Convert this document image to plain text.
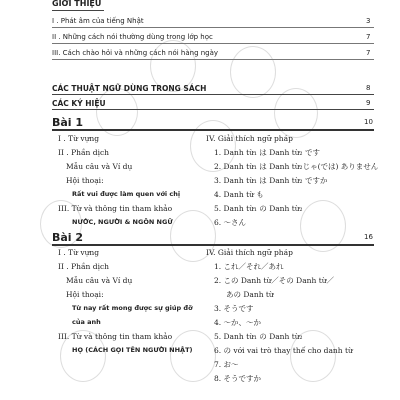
GIỚI THIỆU
I . Phát âm của tiếng Nhật	3
II . Những cách nói thường dùng trong lớp học	7
III. Cách chào hỏi và những cách nói hàng ngày	7
CÁC THUẬT NGỮ DÙNG TRONG SÁCH	8
CÁC KÝ HIỆU	9
Bài 1	10
I . Từ vựng
II . Phần dịch
Mẫu câu và Ví dụ
Hội thoại:
Rất vui được làm quen với chị
III. Từ và thông tin tham khảo
NƯỚC, NGƯỜI & NGÔN NGỮ
IV. Giải thích ngữ pháp
1. Danh từ₁ は Danh từ₂ です
2. Danh từ₁ は Danh từ₂じゃ(では) ありません
3. Danh từ₁ は Danh từ₂ ですか
4. Danh từ も
5. Danh từ₁ の Danh từ₂
6. ～さん
Bài 2	16
I . Từ vựng
II . Phần dịch
Mẫu câu và Ví dụ
Hội thoại:
Từ nay rất mong được sự giúp đỡ
của anh
III. Từ và thông tin tham khảo
HỌ (CÁCH GỌI TÊN NGƯỜI NHẬT)
IV. Giải thích ngữ pháp
1. これ／それ／あれ
2. この Danh từ／その Danh từ／
あの Danh từ
3. そうです
4. ～か、～か
5. Danh từ₁ の Danh từ₂
6. の với vai trò thay thế cho danh từ
7. お～
8. そうですか
